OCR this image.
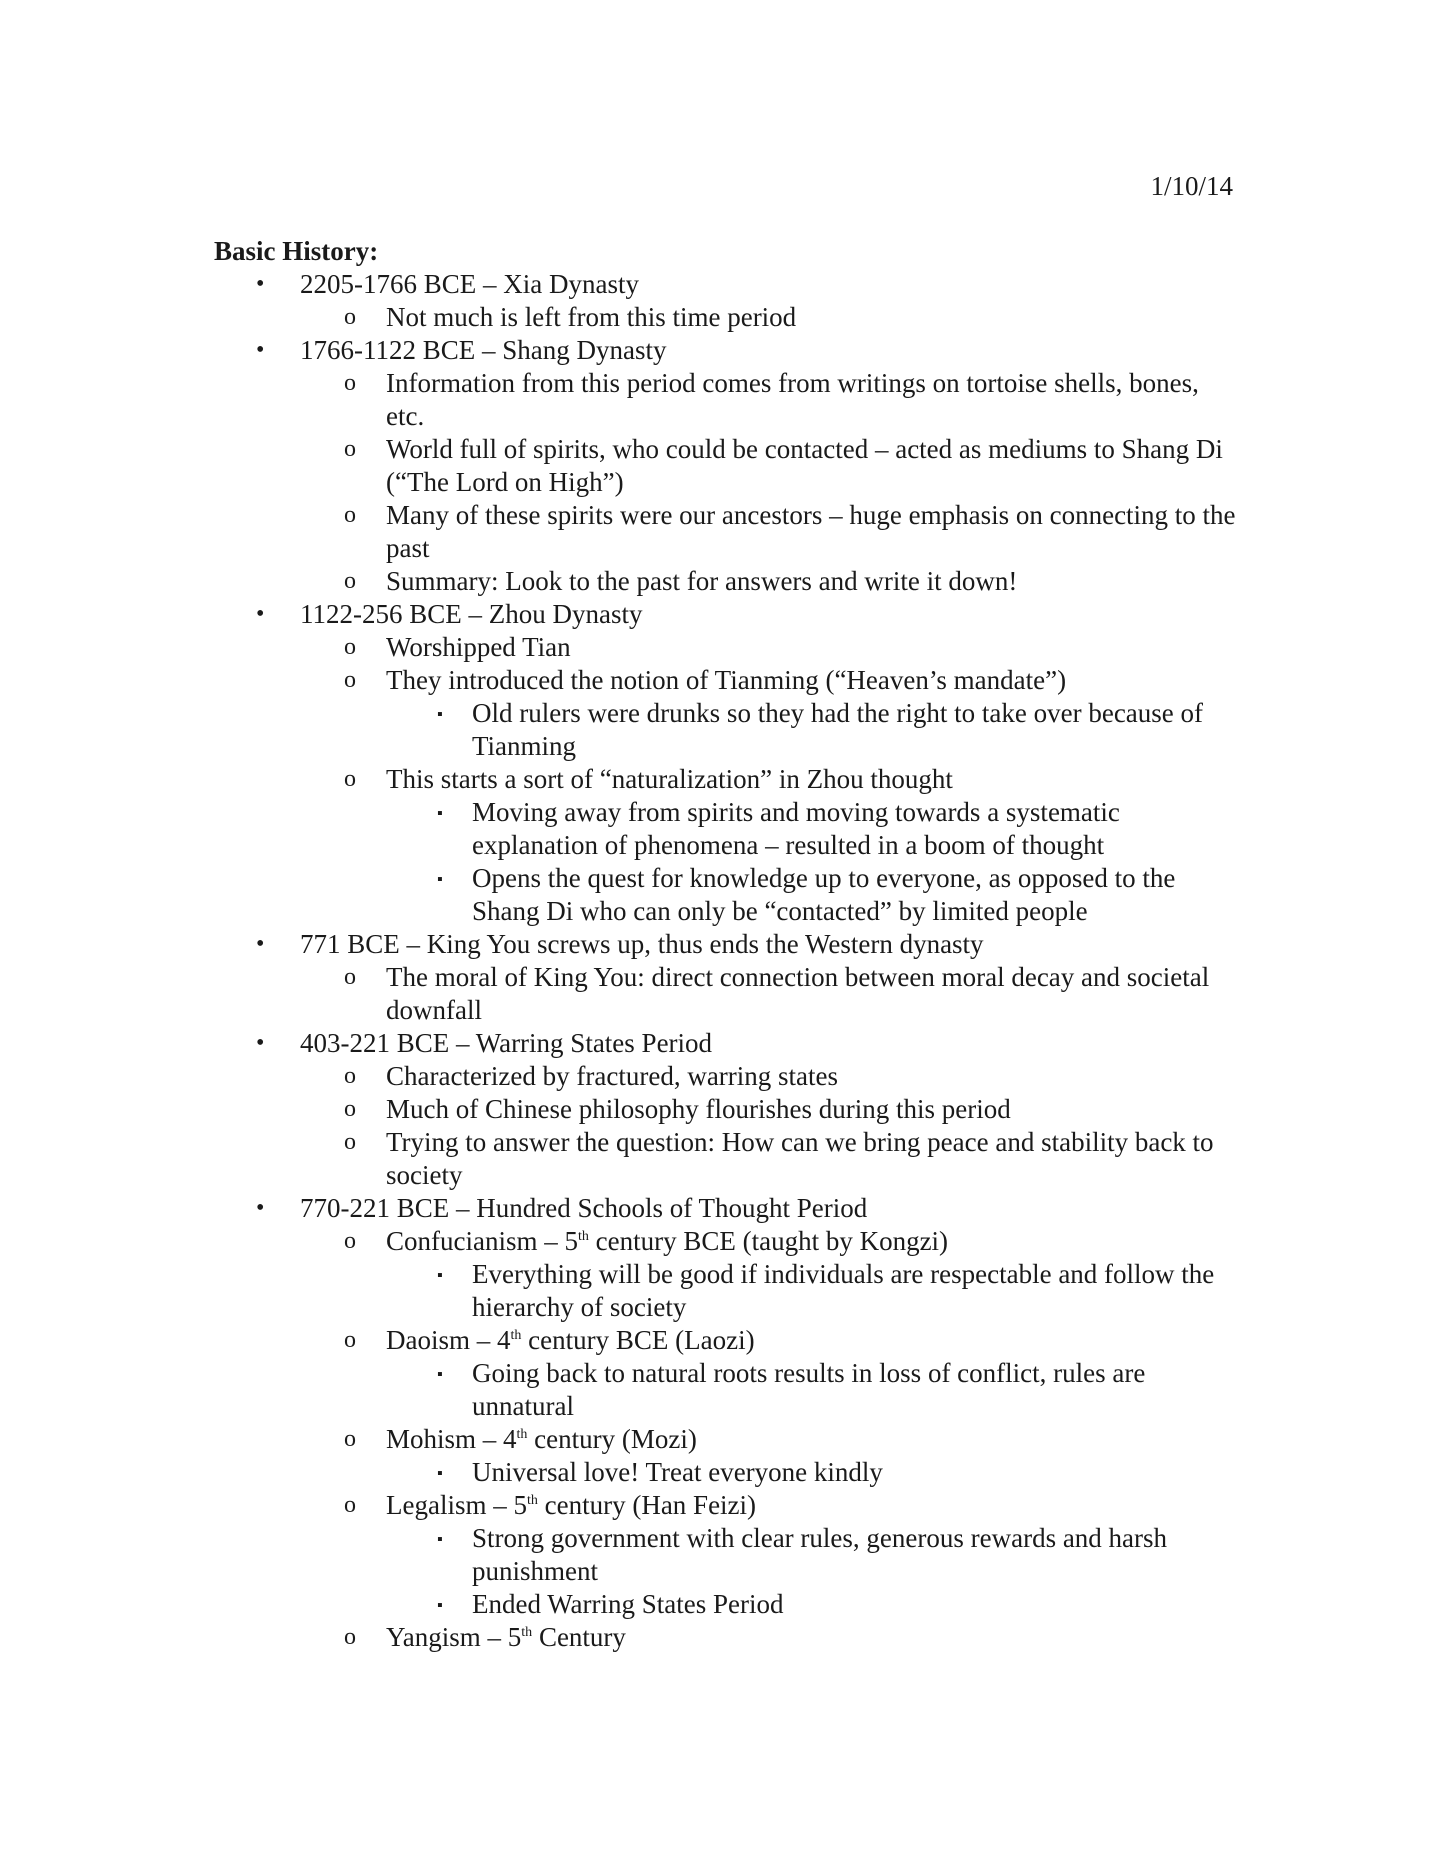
1/10/14
Basic History:
• 2205-1766 BCE – Xia Dynasty
o Not much is left from this time period
• 1766-1122 BCE – Shang Dynasty
o Information from this period comes from writings on tortoise shells, bones, etc.
o World full of spirits, who could be contacted – acted as mediums to Shang Di (“The Lord on High”)
o Many of these spirits were our ancestors – huge emphasis on connecting to the past
o Summary: Look to the past for answers and write it down!
• 1122-256 BCE – Zhou Dynasty
o Worshipped Tian
o They introduced the notion of Tianming (“Heaven’s mandate”)
▪ Old rulers were drunks so they had the right to take over because of Tianming
o This starts a sort of “naturalization” in Zhou thought
▪ Moving away from spirits and moving towards a systematic explanation of phenomena – resulted in a boom of thought
▪ Opens the quest for knowledge up to everyone, as opposed to the Shang Di who can only be “contacted” by limited people
• 771 BCE – King You screws up, thus ends the Western dynasty
o The moral of King You: direct connection between moral decay and societal downfall
• 403-221 BCE – Warring States Period
o Characterized by fractured, warring states
o Much of Chinese philosophy flourishes during this period
o Trying to answer the question: How can we bring peace and stability back to society
• 770-221 BCE – Hundred Schools of Thought Period
o Confucianism – 5th century BCE (taught by Kongzi)
▪ Everything will be good if individuals are respectable and follow the hierarchy of society
o Daoism – 4th century BCE (Laozi)
▪ Going back to natural roots results in loss of conflict, rules are unnatural
o Mohism – 4th century (Mozi)
▪ Universal love! Treat everyone kindly
o Legalism – 5th century (Han Feizi)
▪ Strong government with clear rules, generous rewards and harsh punishment
▪ Ended Warring States Period
o Yangism – 5th Century
